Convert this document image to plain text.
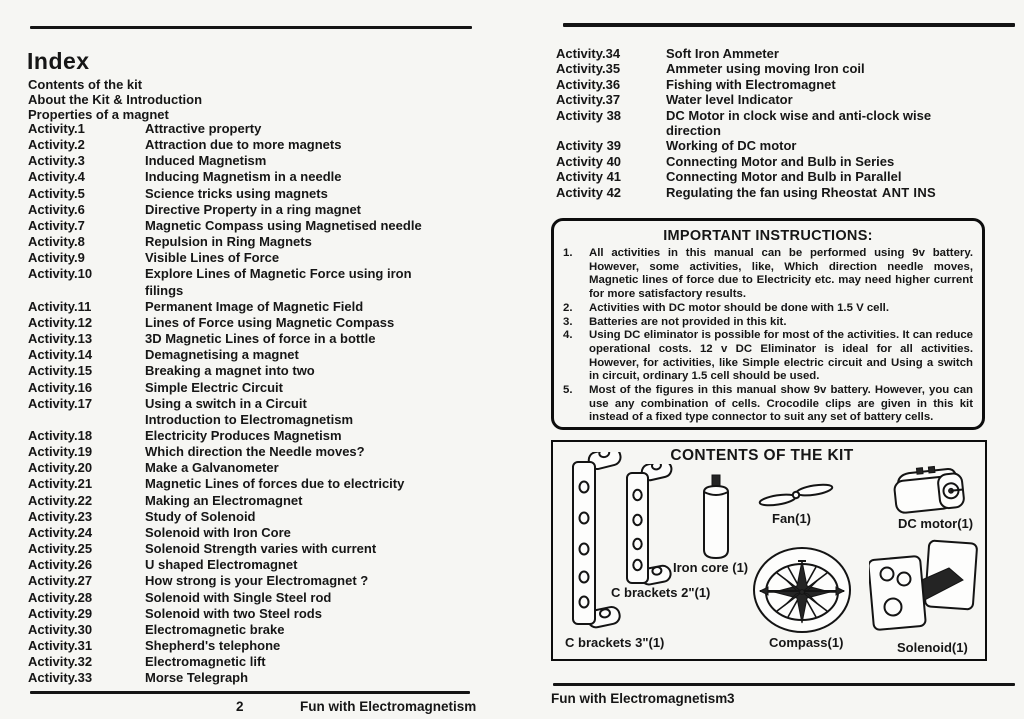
Index
Contents of the kit
About the Kit & Introduction
Properties of a magnet
Activity.1	Attractive property
Activity.2	Attraction due to more magnets
Activity.3	Induced Magnetism
Activity.4	Inducing Magnetism in a needle
Activity.5	Science tricks using magnets
Activity.6	Directive Property in a ring magnet
Activity.7	Magnetic Compass using Magnetised needle
Activity.8	Repulsion in Ring Magnets
Activity.9	Visible Lines of Force
Activity.10	Explore Lines of Magnetic Force using iron
filings
Activity.11	Permanent Image of Magnetic Field
Activity.12	Lines of Force using Magnetic Compass
Activity.13	3D Magnetic Lines of force in a bottle
Activity.14	Demagnetising a magnet
Activity.15	Breaking a magnet into two
Activity.16	Simple Electric Circuit
Activity.17	Using a switch in a Circuit
Introduction to Electromagnetism
Activity.18	Electricity Produces Magnetism
Activity.19	Which direction the Needle moves?
Activity.20	Make a Galvanometer
Activity.21	Magnetic Lines of forces due to electricity
Activity.22	Making an Electromagnet
Activity.23	Study of Solenoid
Activity.24	Solenoid with Iron Core
Activity.25	Solenoid Strength varies with current
Activity.26	U shaped Electromagnet
Activity.27	How strong is your Electromagnet ?
Activity.28	Solenoid with Single Steel rod
Activity.29	Solenoid with two Steel rods
Activity.30	Electromagnetic brake
Activity.31	Shepherd's telephone
Activity.32	Electromagnetic lift
Activity.33	Morse Telegraph
2	Fun with Electromagnetism
Activity.34	Soft Iron Ammeter
Activity.35	Ammeter using moving Iron coil
Activity.36	Fishing with Electromagnet
Activity.37	Water level Indicator
Activity 38	DC Motor in clock wise and anti-clock wise
direction
Activity 39	Working of DC motor
Activity 40	Connecting Motor and Bulb in Series
Activity 41	Connecting Motor and Bulb in Parallel
Activity 42	Regulating the fan using Rheostat ANT INS
IMPORTANT INSTRUCTIONS:
1.	All activities in this manual can be performed using 9v battery. However, some activities, like, Which direction needle moves, Magnetic lines of force due to Electricity etc. may need higher current for more satisfactory results.
2.	Activities with DC motor should be done with 1.5 V cell.
3.	Batteries are not provided in this kit.
4.	Using DC eliminator is possible for most of the activities. It can reduce operational costs. 12 v DC Eliminator is ideal for all activities. However, for activities, like Simple electric circuit and Using a switch in circuit, ordinary 1.5 cell should be used.
5.	Most of the figures in this manual show 9v battery. However, you can use any combination of cells. Crocodile clips are given in this kit instead of a fixed type connector to suit any set of battery cells.
CONTENTS OF THE KIT
C brackets 3"(1)
C brackets 2"(1)
Iron core (1)
Fan(1)	DC motor(1)
Compass(1)	Solenoid(1)
Fun with Electromagnetism 3
